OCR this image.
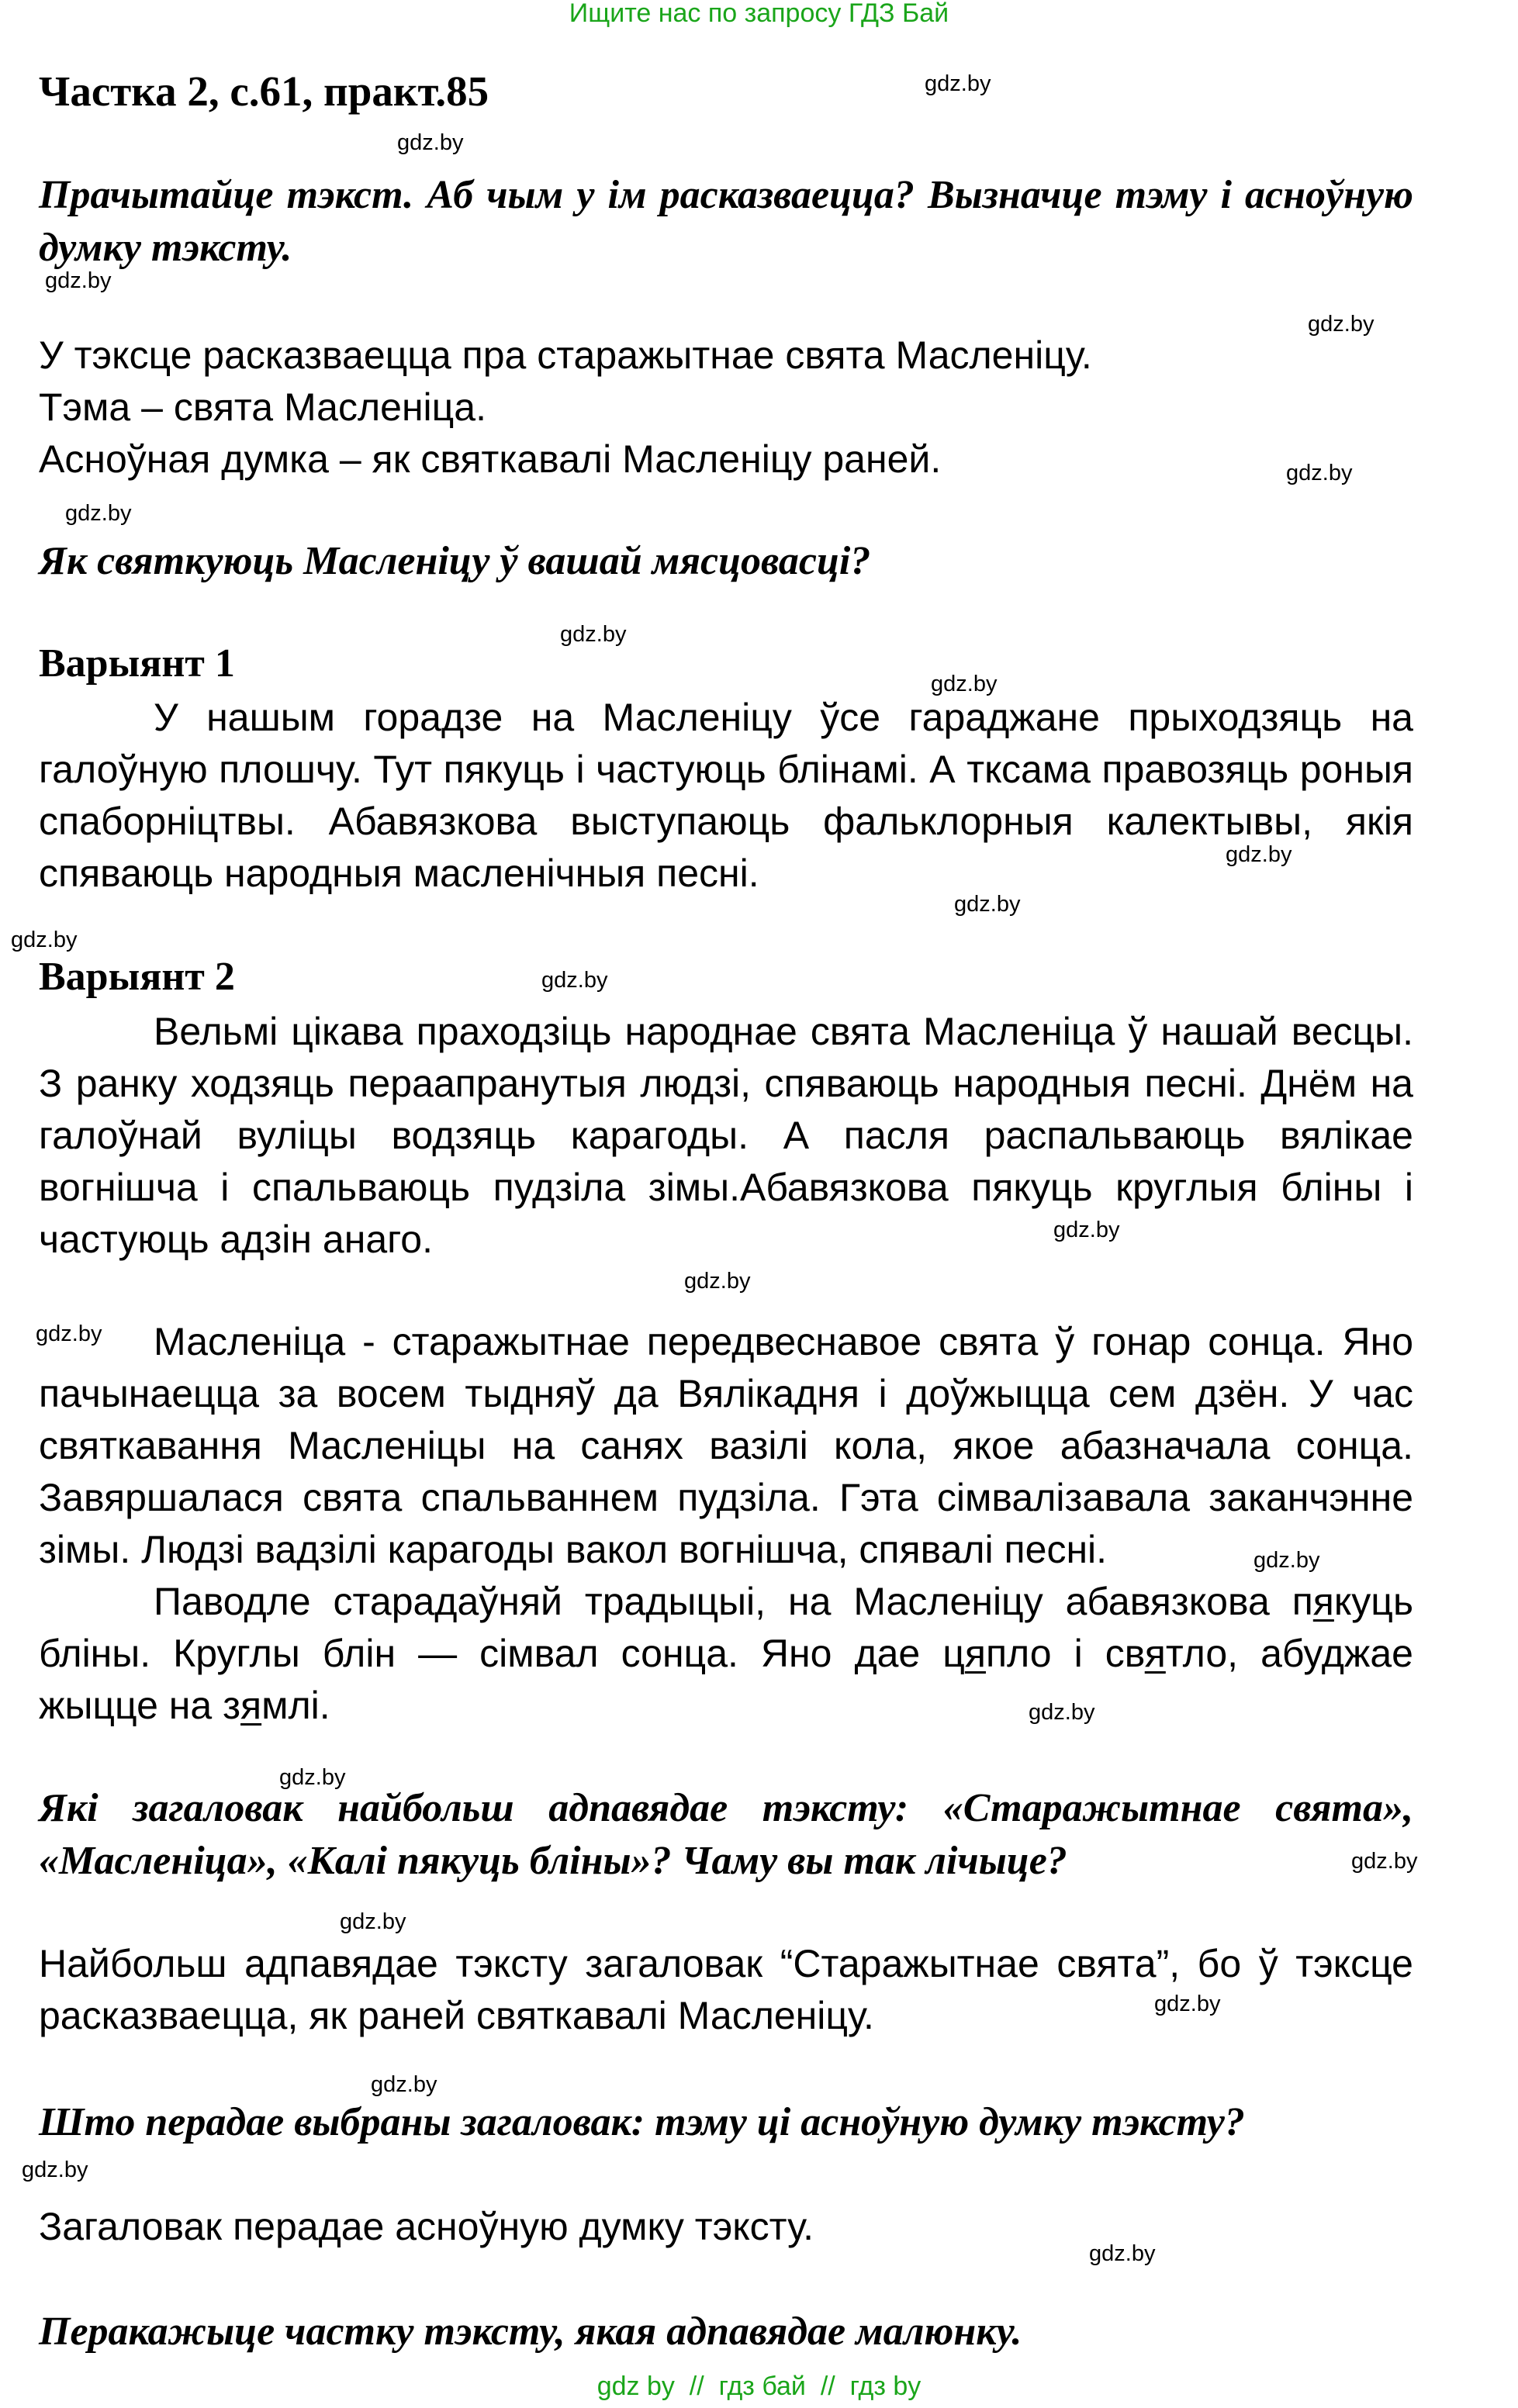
Ищите нас по запросу ГДЗ Бай
Частка 2, с.61, практ.85
Прачытайце тэкст. Аб чым у ім расказваецца? Вызначце тэму і асноўную думку тэксту.
У тэксце расказваецца пра старажытнае свята Масленіцу.
Тэма – свята Масленіца.
Асноўная думка – як святкавалі Масленіцу раней.
Як святкуюць Масленіцу ў вашай мясцовасці?
Варыянт 1
У нашым горадзе на Масленіцу ўсе гараджане прыходзяць на галоўную плошчу. Тут пякуць і частуюць блінамі. А ткcама правозяць роныя спаборніцтвы. Абавязкова выступаюць фальклорныя калектывы, якія спяваюць народныя масленічныя песні.
Варыянт 2
Вельмі цікава праходзіць народнае свята Масленіца ў нашай весцы. З ранку ходзяць пераапранутыя людзі, спяваюць народныя песні. Днём на галоўнай вуліцы водзяць карагоды. А пасля распальваюць вялікае вогнішча і спальваюць пудзіла зімы.Абавязкова пякуць круглыя бліны і частуюць адзін анаго.
Масленіца - старажытнае передвеснавое свята ў гонар сонца. Яно пачынаецца за восем тыдняў да Вялікадня і доўжыцца сем дзён. У час святкавання Масленіцы на санях вазілі кола, якое абазначала сонца. Завяршалася свята спальваннем пудзіла. Гэта сімвалізавала заканчэнне зімы. Людзі вадзілі карагоды вакол вогнішча, спявалі песні.
Паводле старадаўняй традыцыі, на Масленіцу абавязкова пякуць бліны. Круглы блін — сімвал сонца. Яно дае цяпло і святло, абуджае жыцце на зямлі.
Які загаловак найбольш адпавядае тэксту: «Старажытнае свята», «Масленіца», «Калі пякуць бліны»? Чаму вы так лічыце?
Найбольш адпавядае тэксту загаловак “Старажытнае свята”, бо ў тэксце расказваецца, як раней святкавалі Масленіцу.
Што перадае выбраны загаловак: тэму ці асноўную думку тэксту?
Загаловак перадае асноўную думку тэксту.
Перакажыце частку тэксту, якая адпавядае малюнку.
gdz.by
gdz.by
gdz.by
gdz.by
gdz.by
gdz.by
gdz.by
gdz.by
gdz.by
gdz.by
gdz.by
gdz.by
gdz.by
gdz.by
gdz.by
gdz.by
gdz.by
gdz.by
gdz.by
gdz.by
gdz.by
gdz.by
gdz.by
gdz.by
gdz by  //  гдз бай  //  гдз by
